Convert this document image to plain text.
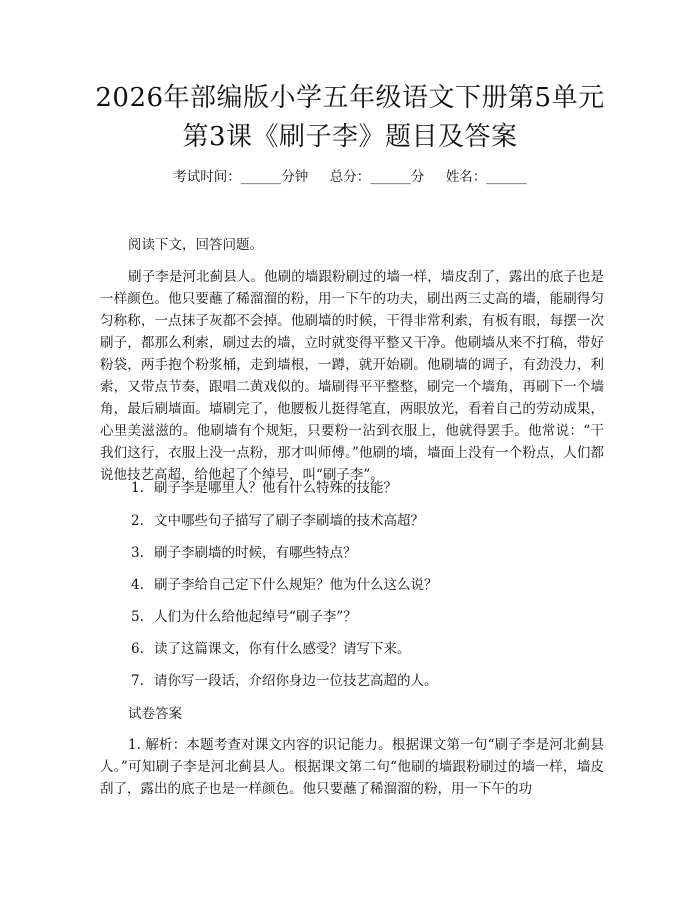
2026年部编版小学五年级语文下册第5单元
第3课《刷子李》题目及答案
考试时间：______分钟     总分：______分     姓名：______
阅读下文，回答问题。
刷子李是河北蓟县人。他刷的墙跟粉刷过的墙一样，墙皮刮了，露出的底子也是一样颜色。他只要蘸了稀溜溜的粉，用一下午的功夫，刷出两三丈高的墙，能刷得匀匀称称，一点抹子灰都不会掉。他刷墙的时候，干得非常利索，有板有眼，每摆一次刷子，都那么利索，刷过去的墙，立时就变得平整又干净。他刷墙从来不打稿，带好粉袋，两手抱个粉浆桶，走到墙根，一蹲，就开始刷。他刷墙的调子，有劲没力，利索，又带点节奏，跟唱二黄戏似的。墙刷得平平整整，刷完一个墙角，再刷下一个墙角，最后刷墙面。墙刷完了，他腰板儿挺得笔直，两眼放光，看着自己的劳动成果，心里美滋滋的。他刷墙有个规矩，只要粉一沾到衣服上，他就得罢手。他常说：“干我们这行，衣服上没一点粉，那才叫师傅。”他刷的墙，墙面上没有一个粉点，人们都说他技艺高超，给他起了个绰号，叫“刷子李”。
1. 刷子李是哪里人？他有什么特殊的技能？
2. 文中哪些句子描写了刷子李刷墙的技术高超？
3. 刷子李刷墙的时候，有哪些特点？
4. 刷子李给自己定下什么规矩？他为什么这么说？
5. 人们为什么给他起绰号“刷子李”？
6. 读了这篇课文，你有什么感受？请写下来。
7. 请你写一段话，介绍你身边一位技艺高超的人。
试卷答案
1. 解析：本题考查对课文内容的识记能力。根据课文第一句“刷子李是河北蓟县人。”可知刷子李是河北蓟县人。根据课文第二句“他刷的墙跟粉刷过的墙一样，墙皮刮了，露出的底子也是一样颜色。他只要蘸了稀溜溜的粉，用一下午的功
